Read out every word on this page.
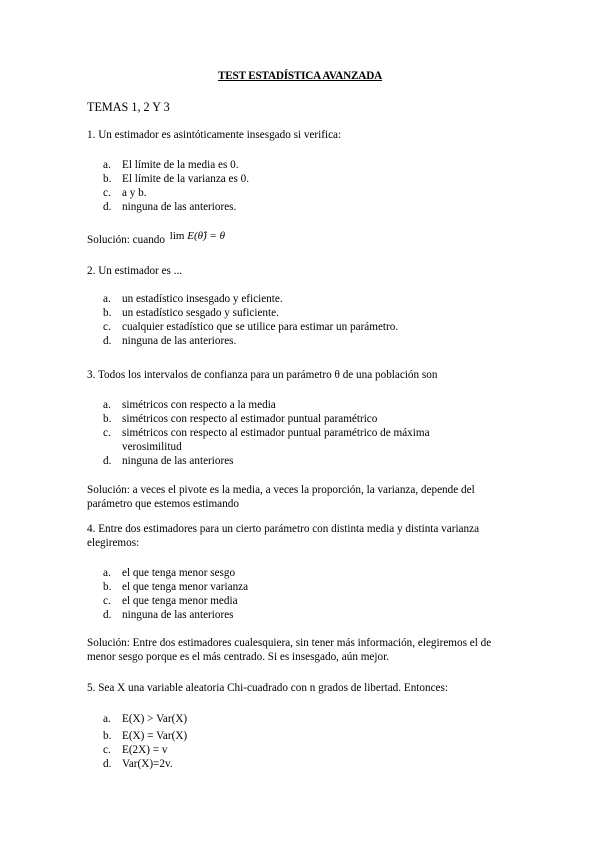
TEST ESTADÍSTICA AVANZADA
TEMAS 1, 2 Y 3

1. Un estimador es asintóticamente insesgado si verifica:

a. El límite de la media es 0.
b. El límite de la varianza es 0.
c. a y b.
d. ninguna de las anteriores.
Solución: cuando lim E(θ̂) = θ

2. Un estimador es ...

a. un estadístico insesgado y eficiente.
b. un estadístico sesgado y suficiente.
c. cualquier estadístico que se utilice para estimar un parámetro.
d. ninguna de las anteriores.

3. Todos los intervalos de confianza para un parámetro θ de una población son

a. simétricos con respecto a la media
b. simétricos con respecto al estimador puntual paramétrico
c. simétricos con respecto al estimador puntual paramétrico de máxima verosimilitud
d. ninguna de las anteriores

Solución: a veces el pivote es la media, a veces la proporción, la varianza, depende del parámetro que estemos estimando

4. Entre dos estimadores para un cierto parámetro con distinta media y distinta varianza elegiremos:

a. el que tenga menor sesgo
b. el que tenga menor varianza
c. el que tenga menor media
d. ninguna de las anteriores

Solución: Entre dos estimadores cualesquiera, sin tener más información, elegiremos el de menor sesgo porque es el más centrado. Si es insesgado, aún mejor.

5. Sea X una variable aleatoria Chi-cuadrado con n grados de libertad. Entonces:

a. E(X) > Var(X)
b. E(X) = Var(X)
c. E(2X) = v
d. Var(X)=2v.
